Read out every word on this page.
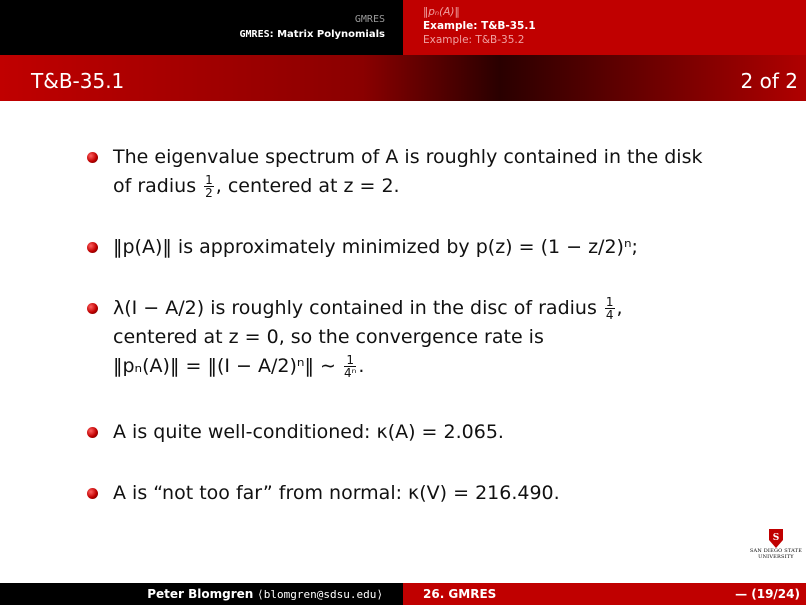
GMRES
GMRES: Matrix Polynomials
‖pₙ(A)‖
Example: T&B-35.1
Example: T&B-35.2
T&B-35.1	2 of 2
The eigenvalue spectrum of A is roughly contained in the disk
of radius $\frac{1}{2}$ , centered at z = 2.
‖p(A)‖ is approximately minimized by p(z) = (1 − z/2)ⁿ;
λ(I − A/2) is roughly contained in the disc of radius $\frac{1}{4}$ ,
centered at z = 0, so the convergence rate is
‖pₙ(A)‖ = ‖(I − A/2)ⁿ‖ ∼ $\frac{1}{\text{4ⁿ}}$ .
A is quite well-conditioned: κ(A) = 2.065.
A is “not too far” from normal: κ(V) = 216.490.
S
SAN DIEGO STATE
UNIVERSITY
Peter Blomgren
⟨blomgren@sdsu.edu⟩	26. GMRES	— (19/24)
